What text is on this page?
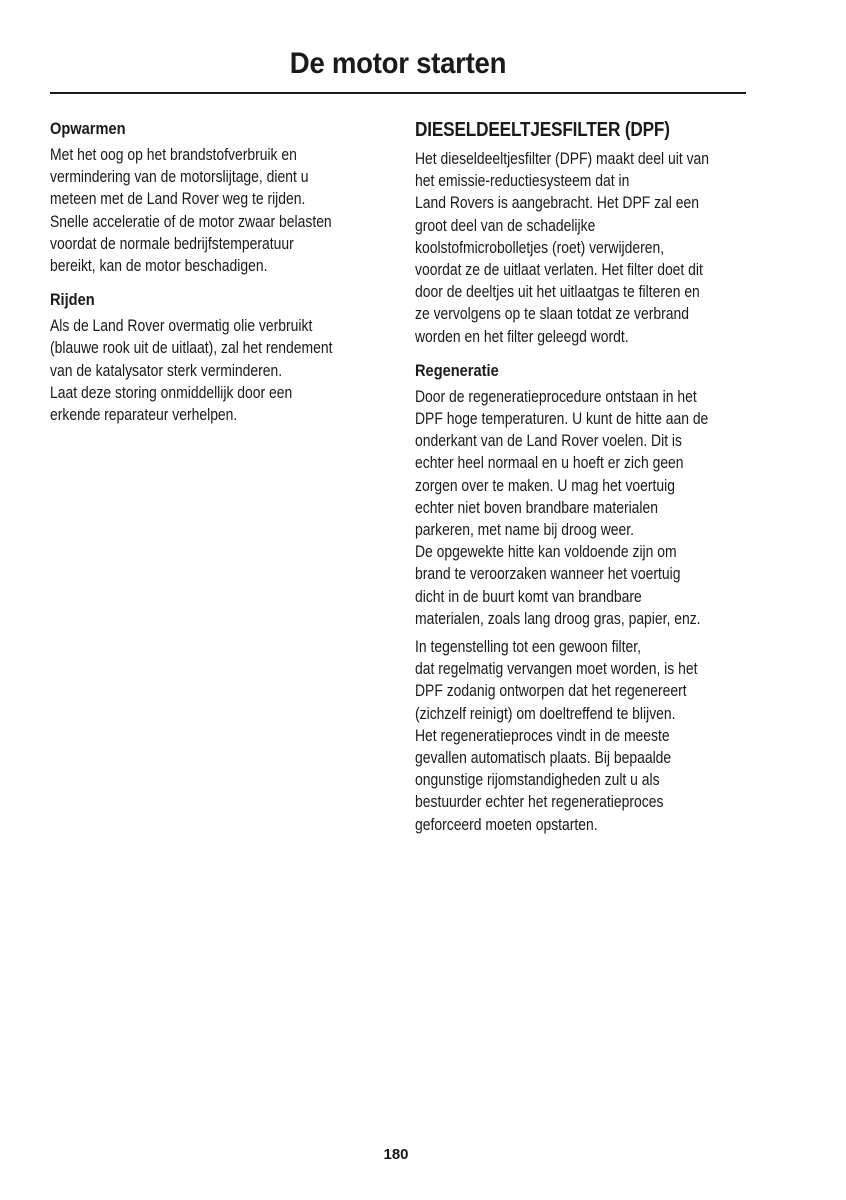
De motor starten
Opwarmen
Met het oog op het brandstofverbruik en
vermindering van de motorslijtage, dient u
meteen met de Land Rover weg te rijden.
Snelle acceleratie of de motor zwaar belasten
voordat de normale bedrijfstemperatuur
bereikt, kan de motor beschadigen.
Rijden
Als de Land Rover overmatig olie verbruikt
(blauwe rook uit de uitlaat), zal het rendement
van de katalysator sterk verminderen.
Laat deze storing onmiddellijk door een
erkende reparateur verhelpen.
DIESELDEELTJESFILTER (DPF)
Het dieseldeeltjesfilter (DPF) maakt deel uit van
het emissie-reductiesysteem dat in
Land Rovers is aangebracht. Het DPF zal een
groot deel van de schadelijke
koolstofmicrobolletjes (roet) verwijderen,
voordat ze de uitlaat verlaten. Het filter doet dit
door de deeltjes uit het uitlaatgas te filteren en
ze vervolgens op te slaan totdat ze verbrand
worden en het filter geleegd wordt.
Regeneratie
Door de regeneratieprocedure ontstaan in het
DPF hoge temperaturen. U kunt de hitte aan de
onderkant van de Land Rover voelen. Dit is
echter heel normaal en u hoeft er zich geen
zorgen over te maken. U mag het voertuig
echter niet boven brandbare materialen
parkeren, met name bij droog weer.
De opgewekte hitte kan voldoende zijn om
brand te veroorzaken wanneer het voertuig
dicht in de buurt komt van brandbare
materialen, zoals lang droog gras, papier, enz.
In tegenstelling tot een gewoon filter,
dat regelmatig vervangen moet worden, is het
DPF zodanig ontworpen dat het regenereert
(zichzelf reinigt) om doeltreffend te blijven.
Het regeneratieproces vindt in de meeste
gevallen automatisch plaats. Bij bepaalde
ongunstige rijomstandigheden zult u als
bestuurder echter het regeneratieproces
geforceerd moeten opstarten.
180
